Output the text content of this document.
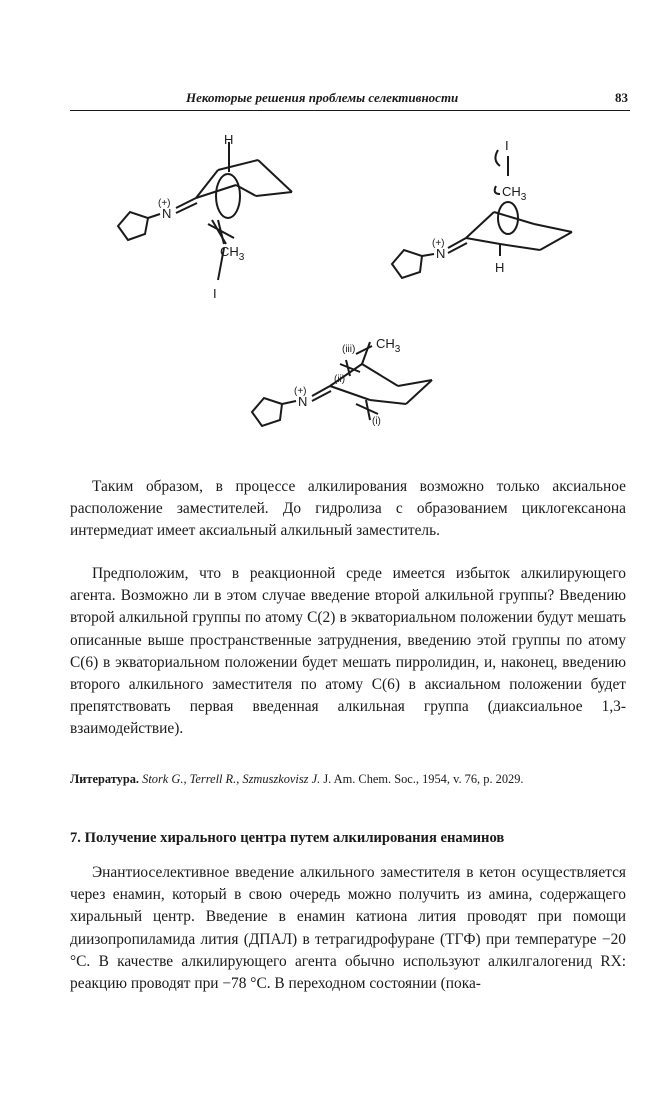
Некоторые решения проблемы селективности	83
H
(+)
N
$CH_3$
I
I
$CH_3$
(+)
N
H
(iii) $CH_3$
(ii)
(+)
N
(i)
Таким образом, в процессе алкилирования возможно только аксиальное расположение заместителей. До гидролиза с образованием циклогексанона интермедиат имеет аксиальный алкильный заместитель.
Предположим, что в реакционной среде имеется избыток алкилирующего агента. Возможно ли в этом случае введение второй алкильной группы? Введению второй алкильной группы по атому С(2) в экваториальном положении будут мешать описанные выше пространственные затруднения, введению этой группы по атому С(6) в экваториальном положении будет мешать пирролидин, и, наконец, введению второго алкильного заместителя по атому С(6) в аксиальном положении будет препятствовать первая введенная алкильная группа (диаксиальное 1,3-взаимодействие).
Литература. Stork G., Terrell R., Szmuszkovisz J. J. Am. Chem. Soc., 1954, v. 76, p. 2029.
7. Получение хирального центра путем алкилирования енаминов
Энантиоселективное введение алкильного заместителя в кетон осуществляется через енамин, который в свою очередь можно получить из амина, содержащего хиральный центр. Введение в енамин катиона лития проводят при помощи диизопропиламида лития (ДПАЛ) в тетрагидрофуране (ТГФ) при температуре −20 °С. В качестве алкилирующего агента обычно используют алкилгалогенид RX: реакцию проводят при −78 °С. В переходном состоянии (пока-
